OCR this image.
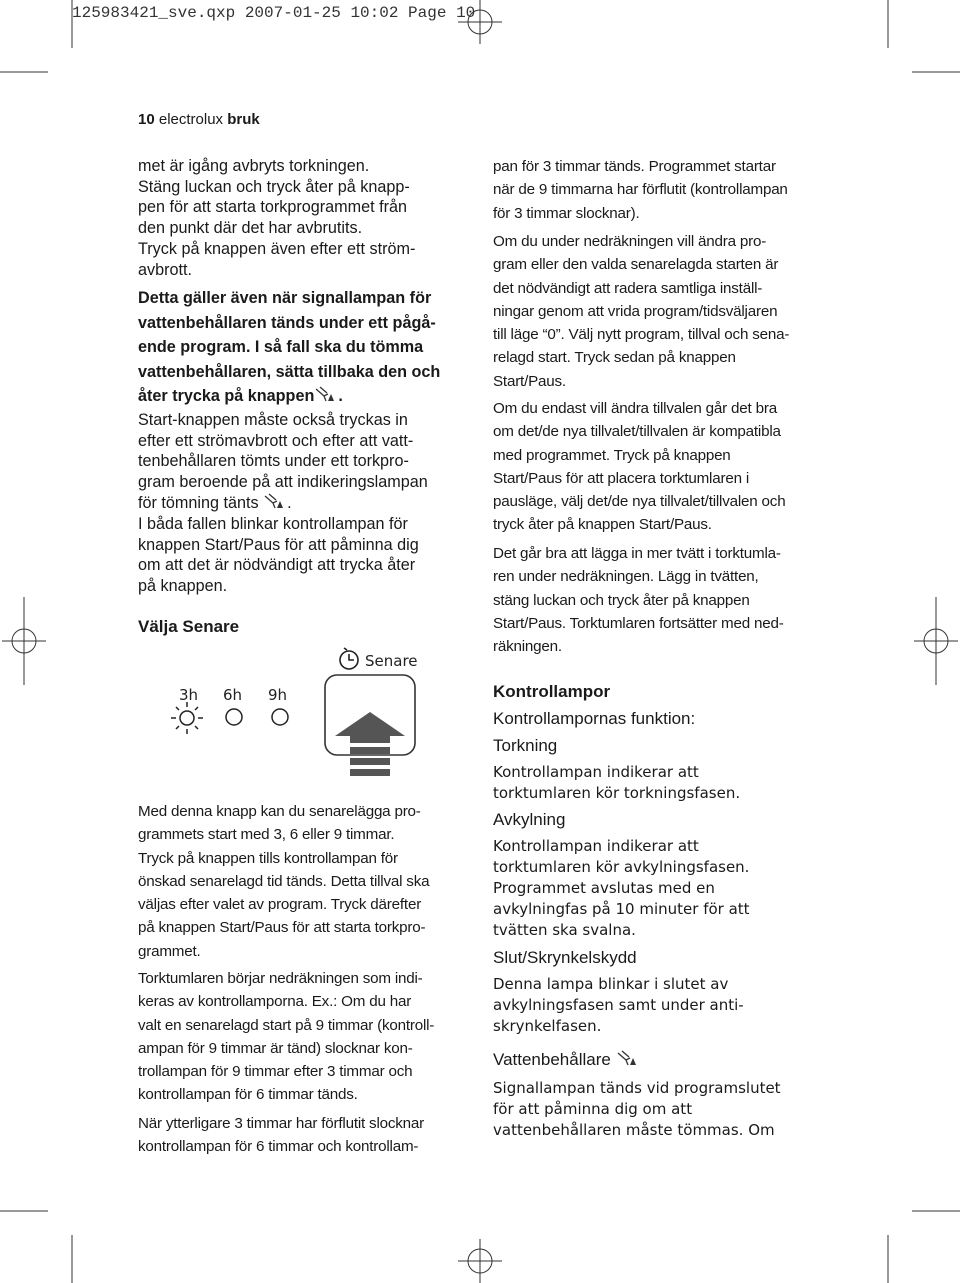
125983421_sve.qxp 2007-01-25 10:02 Page 10
10 electrolux bruk
met är igång avbryts torkningen.
Stäng luckan och tryck åter på knapp-
pen för att starta torkprogrammet från
den punkt där det har avbrutits.
Tryck på knappen även efter ett ström-
avbrott.
Detta gäller även när signallampan för
vattenbehållaren tänds under ett pågå-
ende program. I så fall ska du tömma
vattenbehållaren, sätta tillbaka den och
åter trycka på knappen .
Start-knappen måste också tryckas in
efter ett strömavbrott och efter att vatt-
tenbehållaren tömts under ett torkpro-
gram beroende på att indikeringslampan
för tömning tänts .
I båda fallen blinkar kontrollampan för
knappen Start/Paus för att påminna dig
om att det är nödvändigt att trycka åter
på knappen.
Välja Senare
Senare
3h 6h 9h
Med denna knapp kan du senarelägga pro-
grammets start med 3, 6 eller 9 timmar.
Tryck på knappen tills kontrollampan för
önskad senarelagd tid tänds. Detta tillval ska
väljas efter valet av program. Tryck därefter
på knappen Start/Paus för att starta torkpro-
grammet.
Torktumlaren börjar nedräkningen som indi-
keras av kontrollamporna. Ex.: Om du har
valt en senarelagd start på 9 timmar (kontroll-
ampan för 9 timmar är tänd) slocknar kon-
trollampan för 9 timmar efter 3 timmar och
kontrollampan för 6 timmar tänds.
När ytterligare 3 timmar har förflutit slocknar
kontrollampan för 6 timmar och kontrollam-
pan för 3 timmar tänds. Programmet startar
när de 9 timmarna har förflutit (kontrollampan
för 3 timmar slocknar).
Om du under nedräkningen vill ändra pro-
gram eller den valda senarelagda starten är
det nödvändigt att radera samtliga inställ-
ningar genom att vrida program/tidsväljaren
till läge “0”. Välj nytt program, tillval och sena-
relagd start. Tryck sedan på knappen
Start/Paus.
Om du endast vill ändra tillvalen går det bra
om det/de nya tillvalet/tillvalen är kompatibla
med programmet. Tryck på knappen
Start/Paus för att placera torktumlaren i
pausläge, välj det/de nya tillvalet/tillvalen och
tryck åter på knappen Start/Paus.
Det går bra att lägga in mer tvätt i torktumla-
ren under nedräkningen. Lägg in tvätten,
stäng luckan och tryck åter på knappen
Start/Paus. Torktumlaren fortsätter med ned-
räkningen.
Kontrollampor
Kontrollampornas funktion:
Torkning
Kontrollampan indikerar att
torktumlaren kör torkningsfasen.
Avkylning
Kontrollampan indikerar att
torktumlaren kör avkylningsfasen.
Programmet avslutas med en
avkylningfas på 10 minuter för att
tvätten ska svalna.
Slut/Skrynkelskydd
Denna lampa blinkar i slutet av
avkylningsfasen samt under anti-
skrynkelfasen.
Vattenbehållare
Signallampan tänds vid programslutet
för att påminna dig om att
vattenbehållaren måste tömmas. Om
